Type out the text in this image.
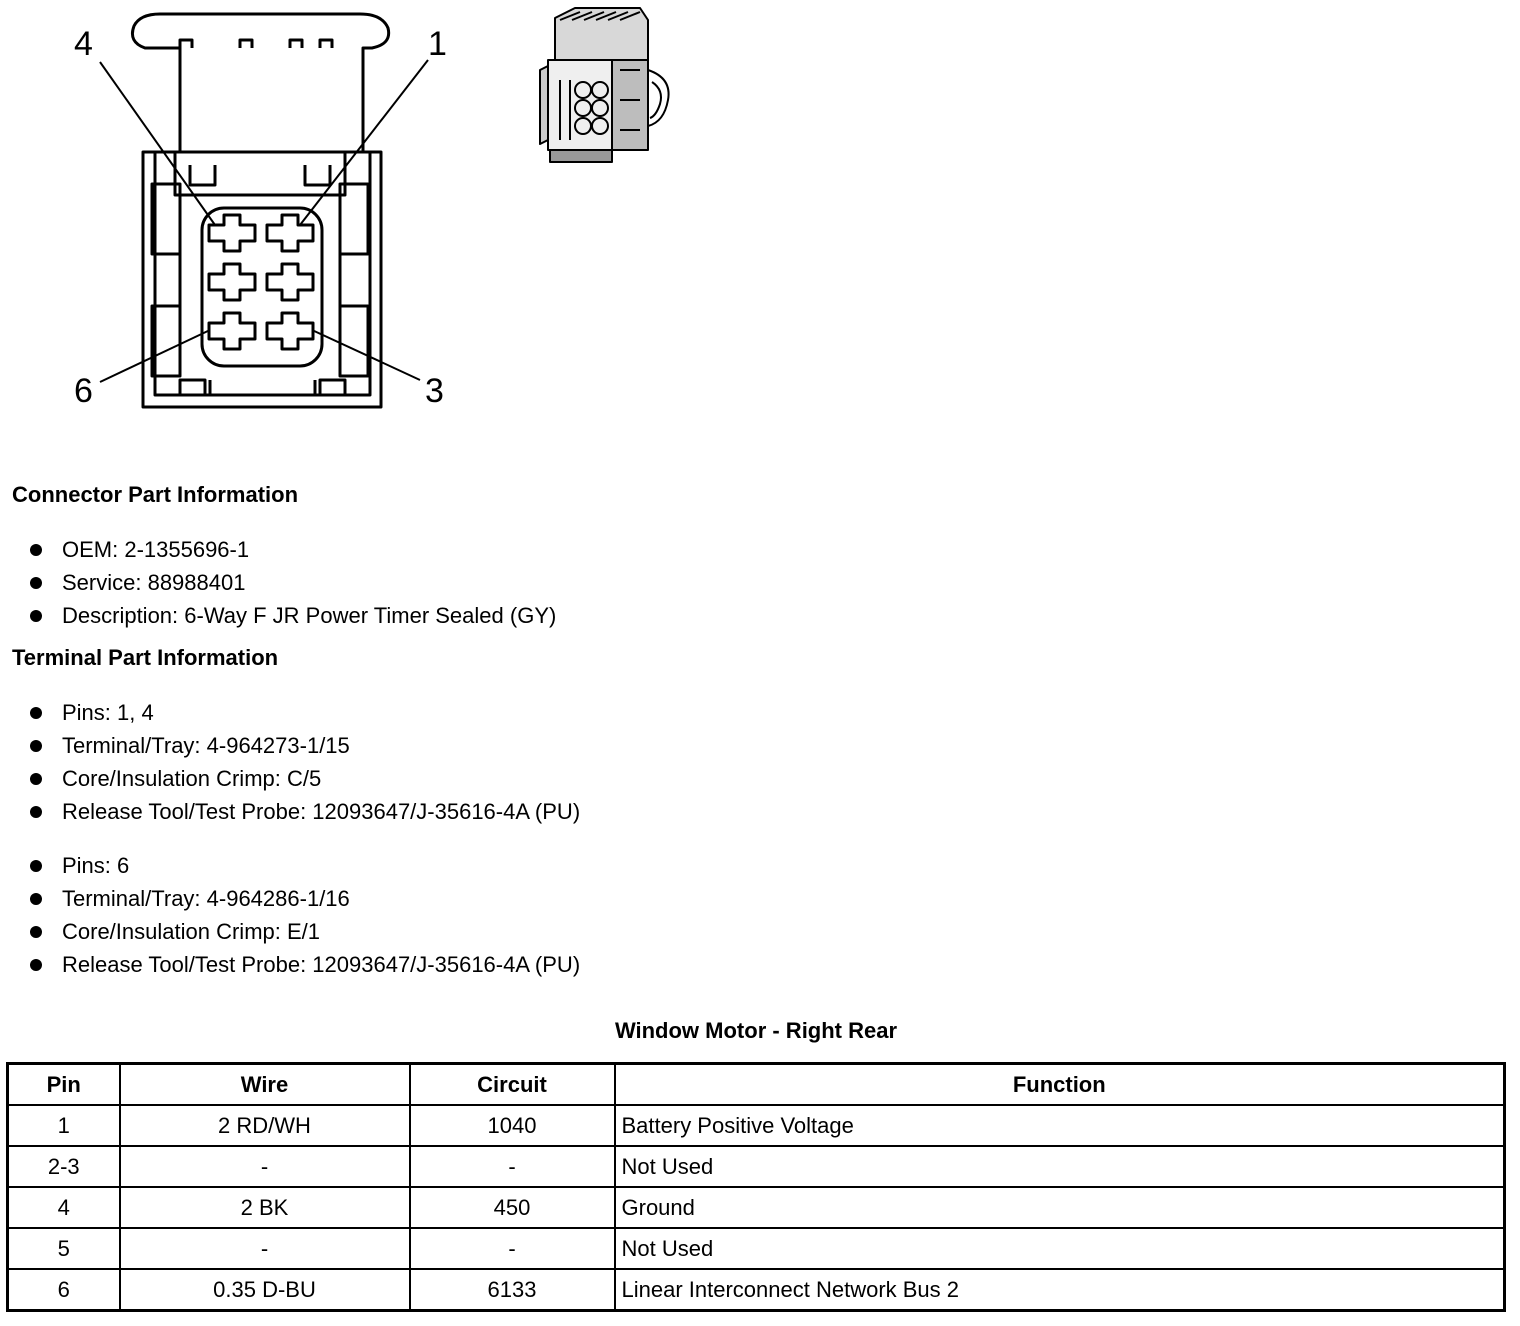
4	1
6	3
Connector Part Information
OEM: 2-1355696-1
Service: 88988401
Description: 6-Way F JR Power Timer Sealed (GY)
Terminal Part Information
Pins: 1, 4
Terminal/Tray: 4-964273-1/15
Core/Insulation Crimp: C/5
Release Tool/Test Probe: 12093647/J-35616-4A (PU)
Pins: 6
Terminal/Tray: 4-964286-1/16
Core/Insulation Crimp: E/1
Release Tool/Test Probe: 12093647/J-35616-4A (PU)
Window Motor - Right Rear
Pin	Wire	Circuit	Function
1	2 RD/WH	1040	Battery Positive Voltage
2-3	-	-	Not Used
4	2 BK	450	Ground
5	-	-	Not Used
6	0.35 D-BU	6133	Linear Interconnect Network Bus 2
